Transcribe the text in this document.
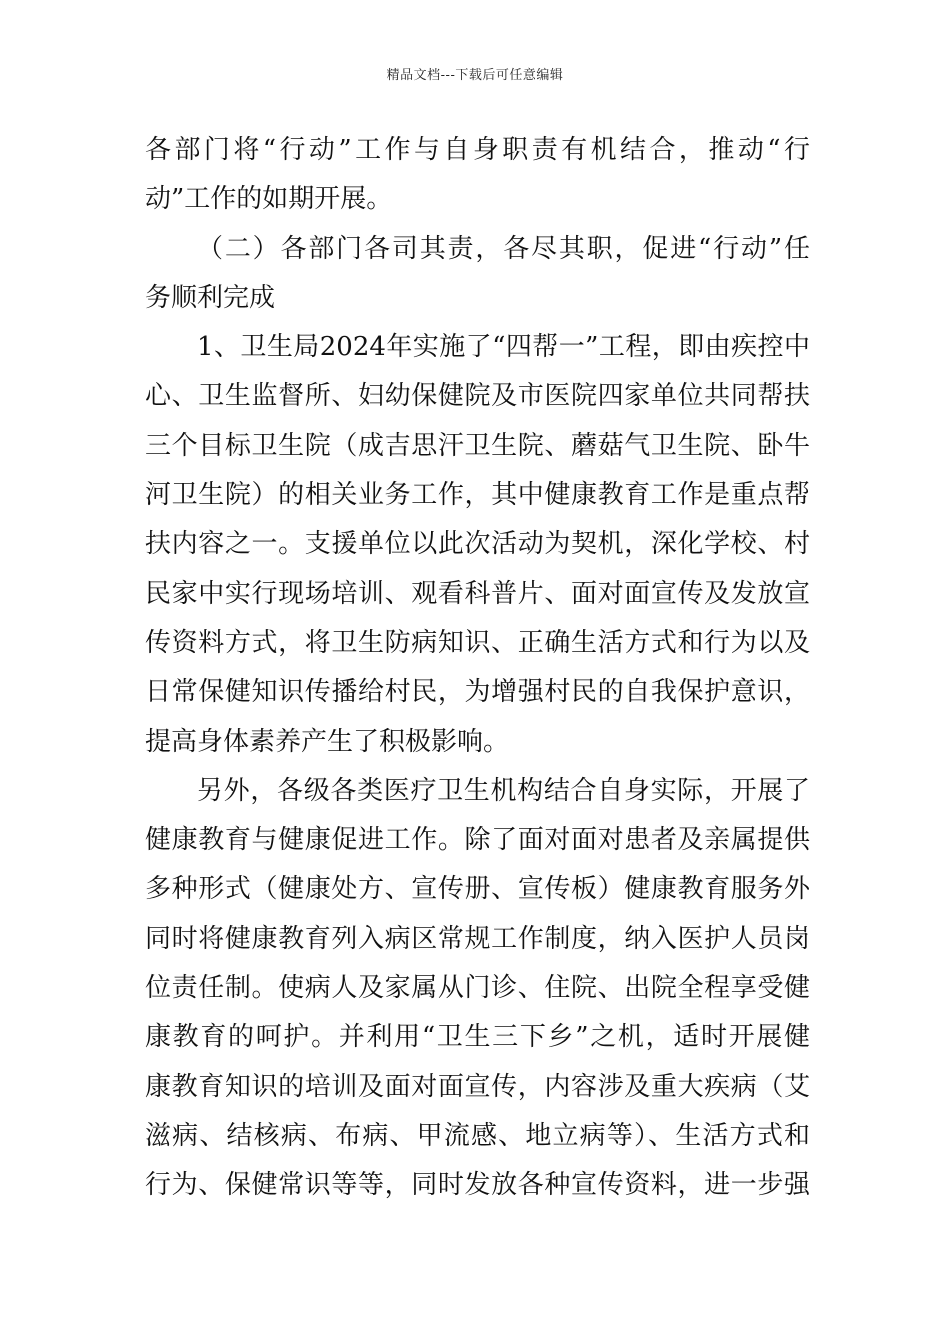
精品文档---下载后可任意编辑
各部门将“行动”工作与自身职责有机结合，推动“行
动”工作的如期开展。
（二）各部门各司其责，各尽其职，促进“行动”任
务顺利完成
1、卫生局2024年实施了“四帮一”工程，即由疾控中
心、卫生监督所、妇幼保健院及市医院四家单位共同帮扶
三个目标卫生院（成吉思汗卫生院、蘑菇气卫生院、卧牛
河卫生院）的相关业务工作，其中健康教育工作是重点帮
扶内容之一。支援单位以此次活动为契机，深化学校、村
民家中实行现场培训、观看科普片、面对面宣传及发放宣
传资料方式，将卫生防病知识、正确生活方式和行为以及
日常保健知识传播给村民，为增强村民的自我保护意识，
提高身体素养产生了积极影响。
另外，各级各类医疗卫生机构结合自身实际，开展了
健康教育与健康促进工作。除了面对面对患者及亲属提供
多种形式（健康处方、宣传册、宣传板）健康教育服务外
同时将健康教育列入病区常规工作制度，纳入医护人员岗
位责任制。使病人及家属从门诊、住院、出院全程享受健
康教育的呵护。并利用“卫生三下乡”之机，适时开展健
康教育知识的培训及面对面宣传，内容涉及重大疾病（艾
滋病、结核病、布病、甲流感、地立病等）、生活方式和
行为、保健常识等等，同时发放各种宣传资料，进一步强
